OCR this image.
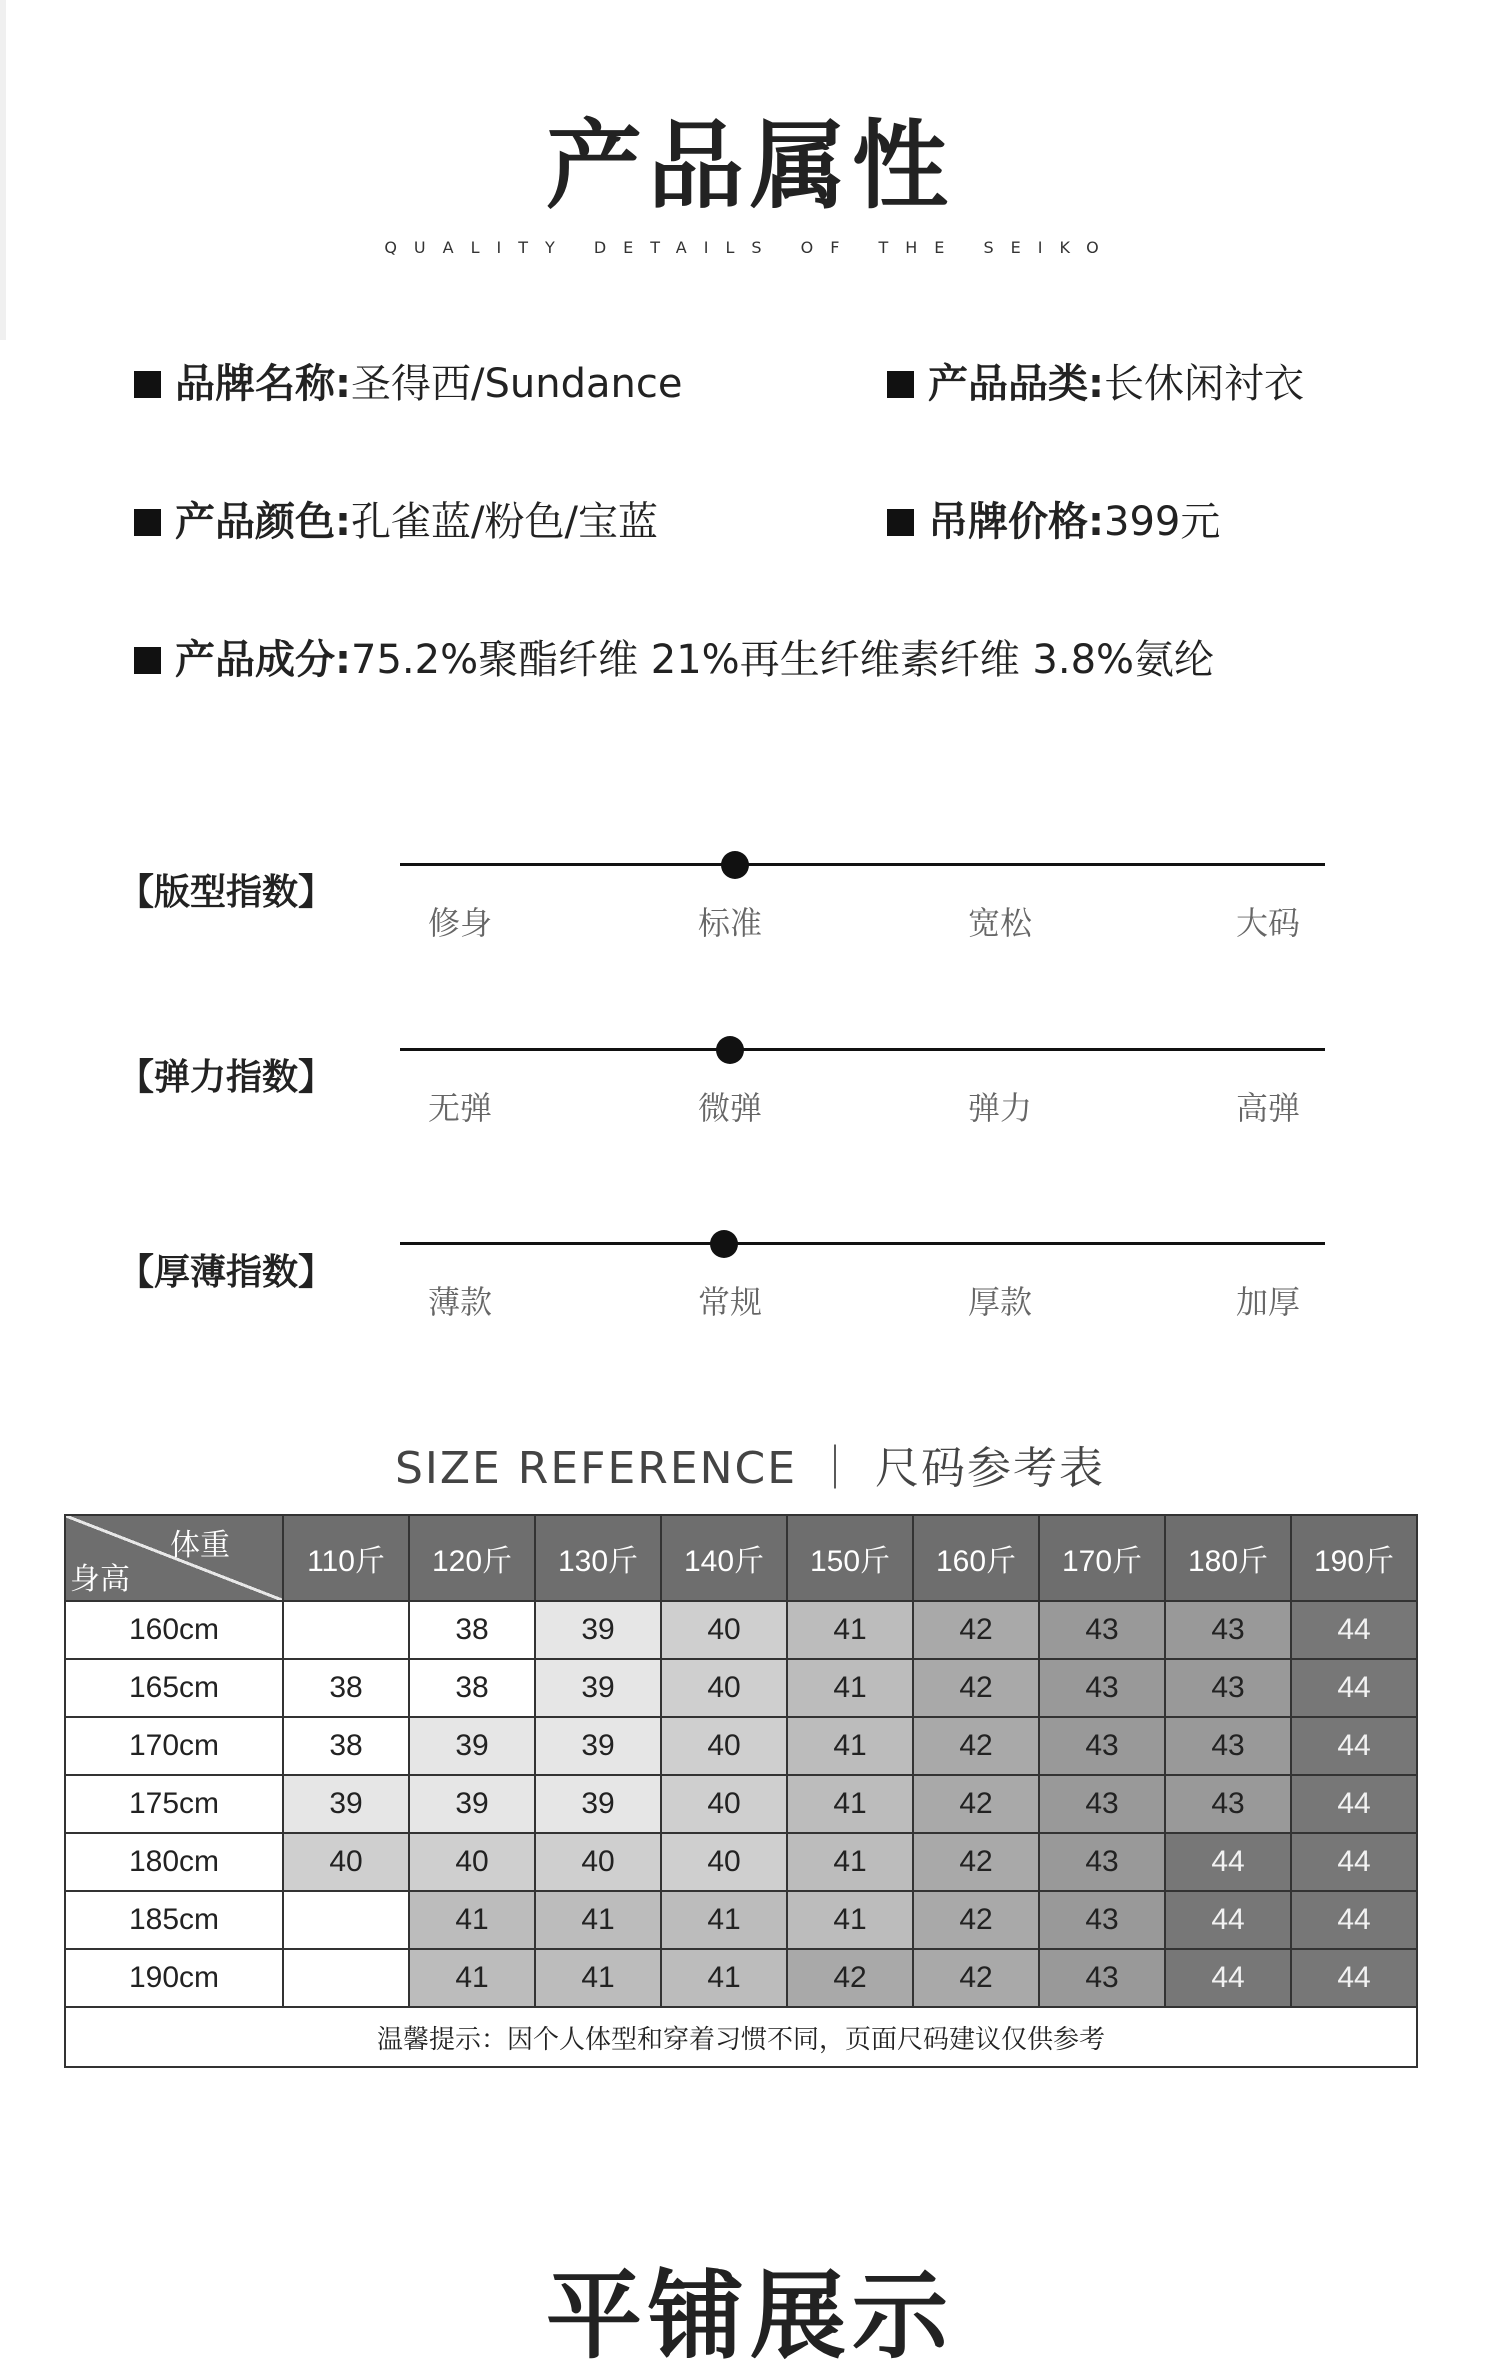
产品属性
QUALITY DETAILS OF THE SEIKO
品牌名称:圣得西/Sundance	产品品类:长休闲衬衣
产品颜色:孔雀蓝/粉色/宝蓝	吊牌价格:399元
产品成分:75.2%聚酯纤维 21%再生纤维素纤维 3.8%氨纶
【版型指数】
修身	标准	宽松	大码
【弹力指数】
无弹	微弹	弹力	高弹
【厚薄指数】
薄款	常规	厚款	加厚
SIZE REFERENCE ｜ 尺码参考表
体重
身高	110斤	120斤	130斤	140斤	150斤	160斤	170斤	180斤	190斤
160cm		38	39	40	41	42	43	43	44
165cm	38	38	39	40	41	42	43	43	44
170cm	38	39	39	40	41	42	43	43	44
175cm	39	39	39	40	41	42	43	43	44
180cm	40	40	40	40	41	42	43	44	44
185cm		41	41	41	41	42	43	44	44
190cm		41	41	41	42	42	43	44	44
温馨提示：因个人体型和穿着习惯不同，页面尺码建议仅供参考									
平铺展示
